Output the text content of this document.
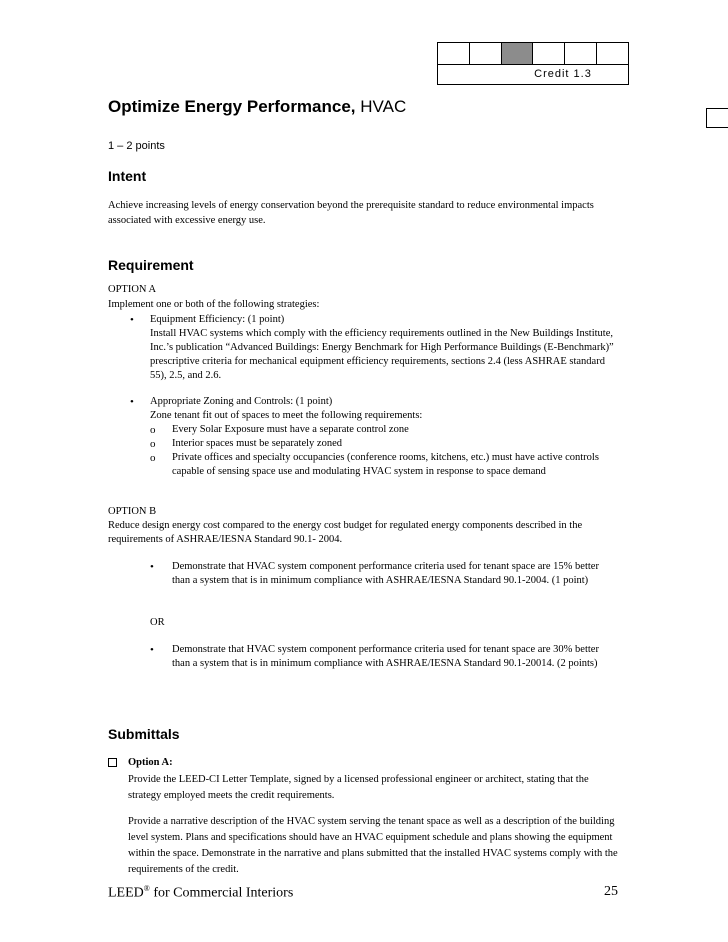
Credit 1.3
Optimize Energy Performance, HVAC
1 – 2 points
Intent
Achieve increasing levels of energy conservation beyond the prerequisite standard to reduce environmental impacts associated with excessive energy use.
Requirement
OPTION A
Implement one or both of the following strategies:
• Equipment Efficiency: (1 point)
Install HVAC systems which comply with the efficiency requirements outlined in the New Buildings Institute, Inc.’s publication “Advanced Buildings: Energy Benchmark for High Performance Buildings (E-Benchmark)” prescriptive criteria for mechanical equipment efficiency requirements, sections 2.4 (less ASHRAE standard 55), 2.5, and 2.6.
• Appropriate Zoning and Controls: (1 point)
Zone tenant fit out of spaces to meet the following requirements:
o Every Solar Exposure must have a separate control zone
o Interior spaces must be separately zoned
o Private offices and specialty occupancies (conference rooms, kitchens, etc.) must have active controls capable of sensing space use and modulating HVAC system in response to space demand
OPTION B
Reduce design energy cost compared to the energy cost budget for regulated energy components described in the requirements of ASHRAE/IESNA Standard 90.1- 2004.
• Demonstrate that HVAC system component performance criteria used for tenant space are 15% better than a system that is in minimum compliance with ASHRAE/IESNA Standard 90.1-2004. (1 point)
OR
• Demonstrate that HVAC system component performance criteria used for tenant space are 30% better than a system that is in minimum compliance with ASHRAE/IESNA Standard 90.1-20014. (2 points)
Submittals
Option A:
Provide the LEED-CI Letter Template, signed by a licensed professional engineer or architect, stating that the strategy employed meets the credit requirements.
Provide a narrative description of the HVAC system serving the tenant space as well as a description of the building level system. Plans and specifications should have an HVAC equipment schedule and plans showing the equipment within the space. Demonstrate in the narrative and plans submitted that the installed HVAC systems comply with the requirements of the credit.
LEED® for Commercial Interiors	25
